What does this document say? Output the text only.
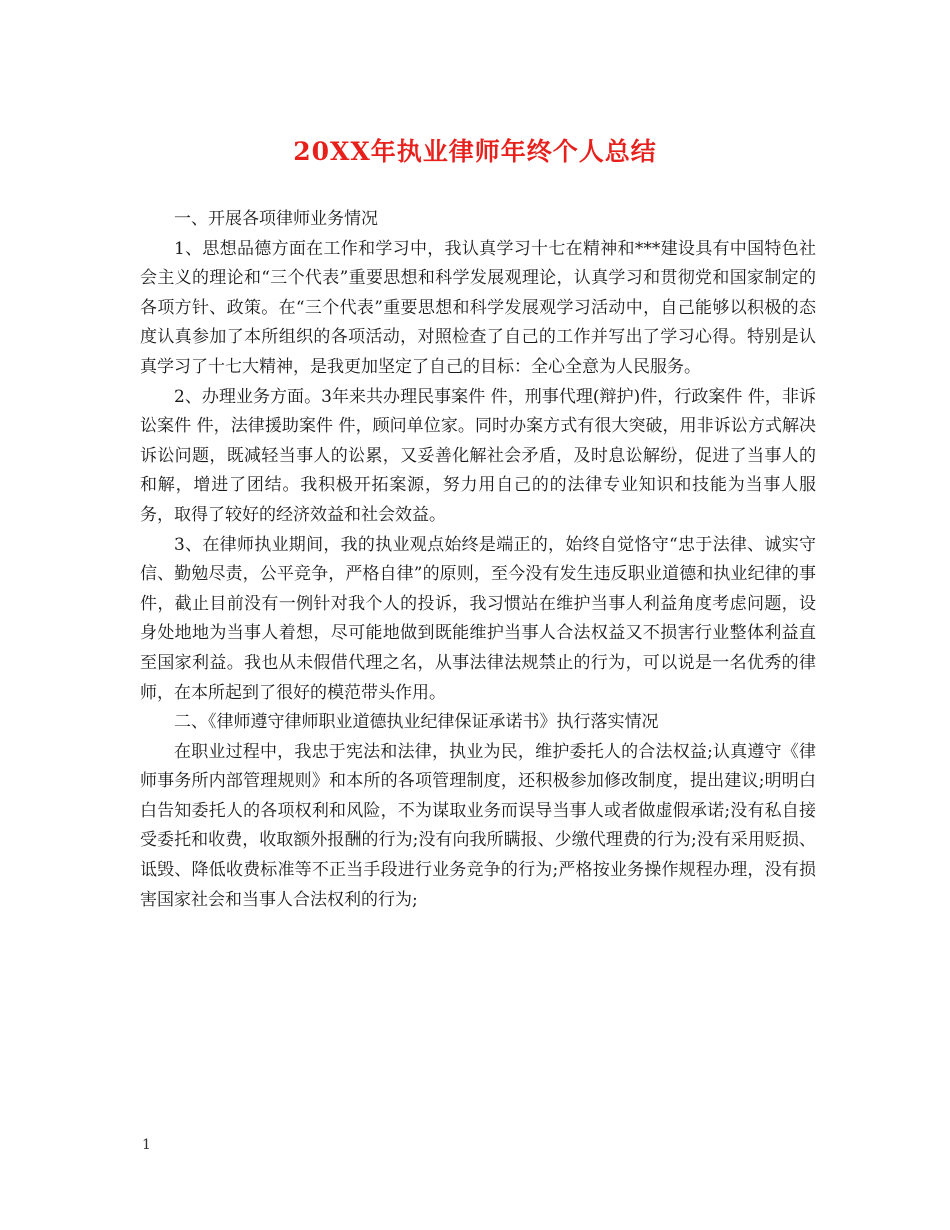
20XX年执业律师年终个人总结

一、开展各项律师业务情况

1、思想品德方面在工作和学习中，我认真学习十七在精神和***建设具有中国特色社会主义的理论和“三个代表”重要思想和科学发展观理论，认真学习和贯彻党和国家制定的各项方针、政策。在“三个代表”重要思想和科学发展观学习活动中，自己能够以积极的态度认真参加了本所组织的各项活动，对照检查了自己的工作并写出了学习心得。特别是认真学习了十七大精神，是我更加坚定了自己的目标：全心全意为人民服务。

2、办理业务方面。3年来共办理民事案件 件，刑事代理(辩护)件，行政案件 件，非诉讼案件 件，法律援助案件 件，顾问单位家。同时办案方式有很大突破，用非诉讼方式解决诉讼问题，既减轻当事人的讼累，又妥善化解社会矛盾，及时息讼解纷，促进了当事人的和解，增进了团结。我积极开拓案源，努力用自己的的法律专业知识和技能为当事人服务，取得了较好的经济效益和社会效益。

3、在律师执业期间，我的执业观点始终是端正的，始终自觉恪守“忠于法律、诚实守信、勤勉尽责，公平竞争，严格自律”的原则，至今没有发生违反职业道德和执业纪律的事件，截止目前没有一例针对我个人的投诉，我习惯站在维护当事人利益角度考虑问题，设身处地地为当事人着想，尽可能地做到既能维护当事人合法权益又不损害行业整体利益直至国家利益。我也从未假借代理之名，从事法律法规禁止的行为，可以说是一名优秀的律师，在本所起到了很好的模范带头作用。

二、《律师遵守律师职业道德执业纪律保证承诺书》执行落实情况

在职业过程中，我忠于宪法和法律，执业为民，维护委托人的合法权益;认真遵守《律师事务所内部管理规则》和本所的各项管理制度，还积极参加修改制度，提出建议;明明白白告知委托人的各项权利和风险，不为谋取业务而误导当事人或者做虚假承诺;没有私自接受委托和收费，收取额外报酬的行为;没有向我所瞒报、少缴代理费的行为;没有采用贬损、诋毁、降低收费标准等不正当手段进行业务竞争的行为;严格按业务操作规程办理，没有损害国家社会和当事人合法权利的行为;

1
